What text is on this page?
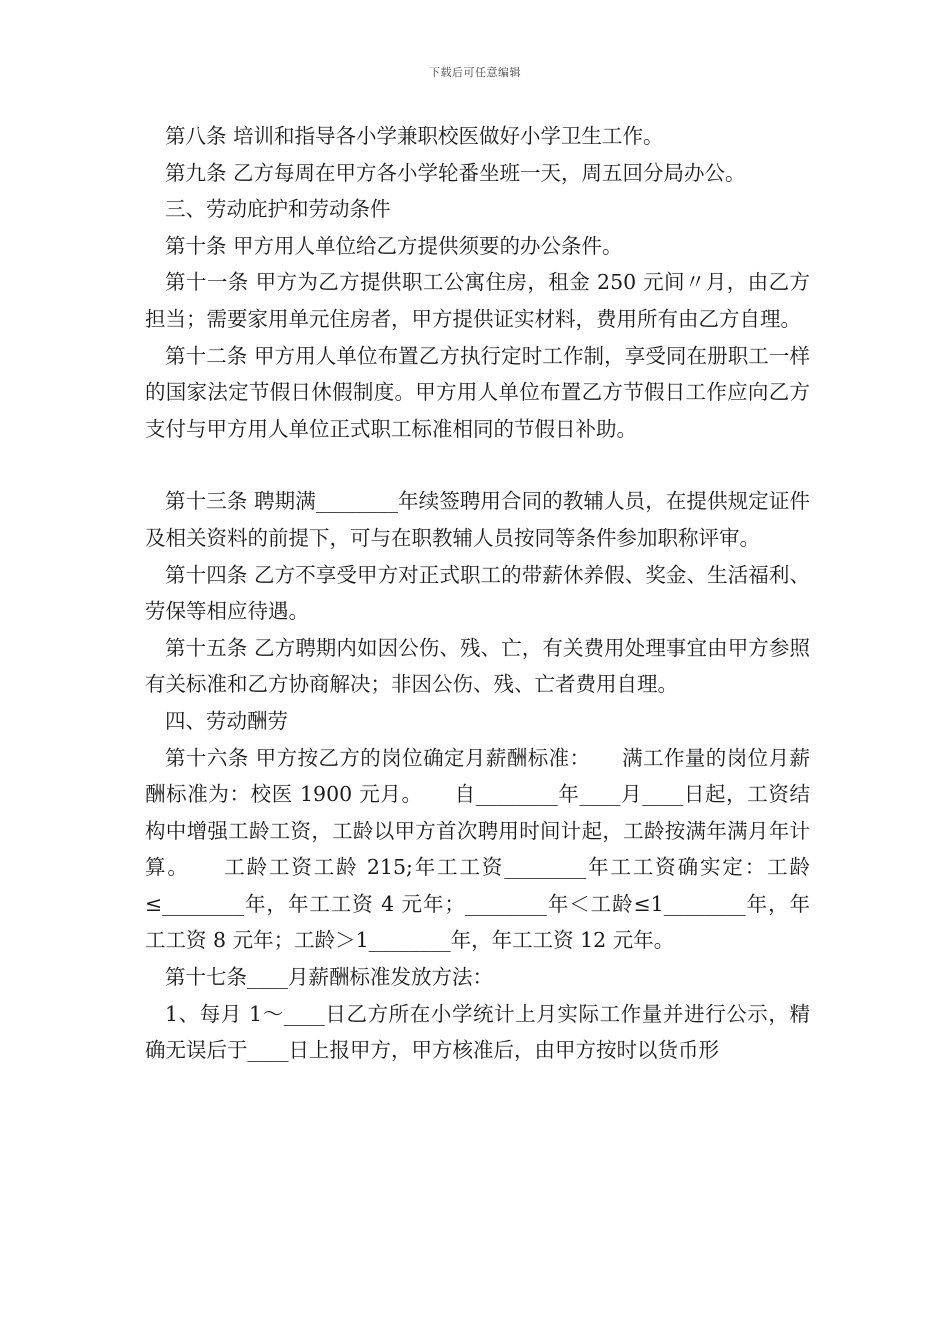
下载后可任意编辑

第八条 培训和指导各小学兼职校医做好小学卫生工作。

第九条 乙方每周在甲方各小学轮番坐班一天，周五回分局办公。

三、劳动庇护和劳动条件

第十条 甲方用人单位给乙方提供须要的办公条件。

第十一条 甲方为乙方提供职工公寓住房，租金 250 元间〃月，由乙方担当；需要家用单元住房者，甲方提供证实材料，费用所有由乙方自理。

第十二条 甲方用人单位布置乙方执行定时工作制，享受同在册职工一样的国家法定节假日休假制度。甲方用人单位布置乙方节假日工作应向乙方支付与甲方用人单位正式职工标准相同的节假日补助。

第十三条 聘期满________年续签聘用合同的教辅人员，在提供规定证件及相关资料的前提下，可与在职教辅人员按同等条件参加职称评审。

第十四条 乙方不享受甲方对正式职工的带薪休养假、奖金、生活福利、劳保等相应待遇。

第十五条 乙方聘期内如因公伤、残、亡，有关费用处理事宜由甲方参照有关标准和乙方协商解决；非因公伤、残、亡者费用自理。

四、劳动酬劳

第十六条 甲方按乙方的岗位确定月薪酬标准：　　满工作量的岗位月薪酬标准为：校医 1900 元月。　　自________年____月____日起，工资结构中增强工龄工资，工龄以甲方首次聘用时间计起，工龄按满年满月年计算。　　工龄工资工龄 215;年工工资________年工工资确实定：工龄≤________年，年工工资 4 元年；________年＜工龄≤1________年，年工工资 8 元年；工龄＞1________年，年工工资 12 元年。

第十七条____月薪酬标准发放方法：

1、每月 1～____日乙方所在小学统计上月实际工作量并进行公示，精确无误后于____日上报甲方，甲方核准后，由甲方按时以货币形
